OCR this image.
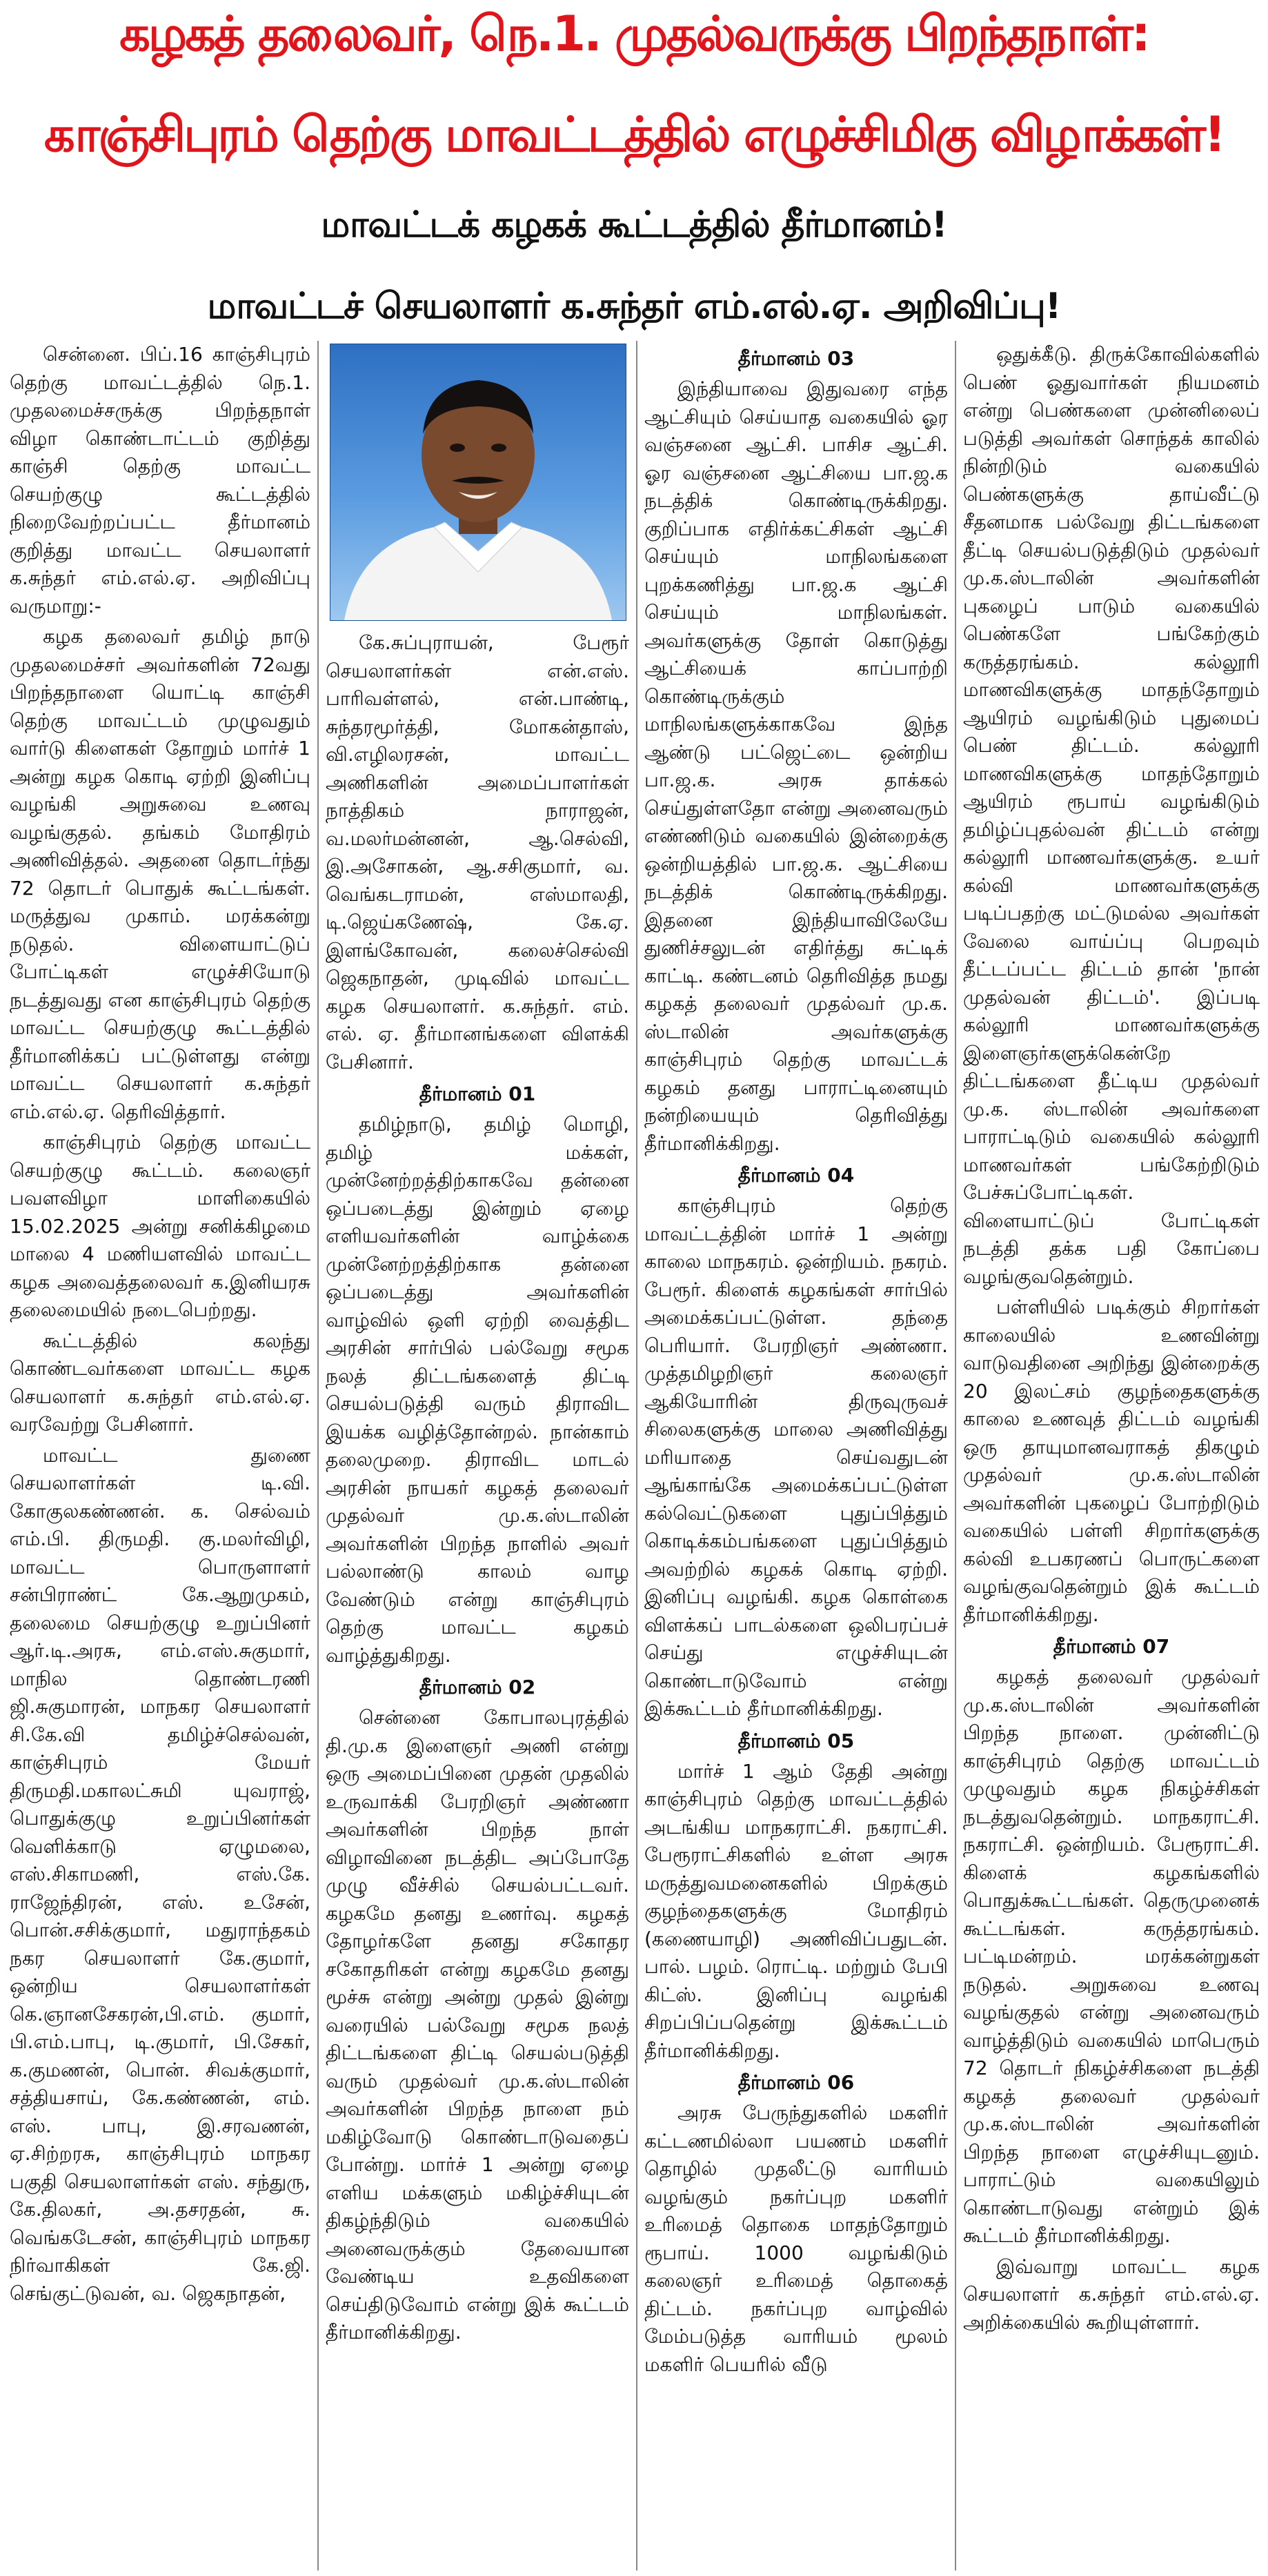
கழகத் தலைவர், நெ.1. முதல்வருக்கு பிறந்தநாள்:
காஞ்சிபுரம் தெற்கு மாவட்டத்தில் எழுச்சிமிகு விழாக்கள்!
மாவட்டக் கழகக் கூட்டத்தில் தீர்மானம்!
மாவட்டச் செயலாளர் க.சுந்தர் எம்.எல்.ஏ. அறிவிப்பு!

சென்னை. பிப்.16 காஞ்சிபுரம் தெற்கு மாவட்டத்தில் நெ.1. முதலமைச்சருக்கு பிறந்தநாள் விழா கொண்டாட்டம் குறித்து காஞ்சி தெற்கு மாவட்ட செயற்குழு கூட்டத்தில் நிறைவேற்றப்பட்ட தீர்மானம் குறித்து மாவட்ட செயலாளர் க.சுந்தர் எம்.எல்.ஏ. அறிவிப்பு வருமாறு:-

கழக தலைவர் தமிழ் நாடு முதலமைச்சர் அவர்களின் 72வது பிறந்தநாளை யொட்டி காஞ்சி தெற்கு மாவட்டம் முழுவதும் வார்டு கிளைகள் தோறும் மார்ச் 1 அன்று கழக கொடி ஏற்றி இனிப்பு வழங்கி அறுசுவை உணவு வழங்குதல். தங்கம் மோதிரம் அணிவித்தல். அதனை தொடர்ந்து 72 தொடர் பொதுக் கூட்டங்கள். மருத்துவ முகாம். மரக்கன்று நடுதல். விளையாட்டுப் போட்டிகள் எழுச்சியோடு நடத்துவது என காஞ்சிபுரம் தெற்கு மாவட்ட செயற்குழு கூட்டத்தில் தீர்மானிக்கப் பட்டுள்ளது என்று மாவட்ட செயலாளர் க.சுந்தர் எம்.எல்.ஏ. தெரிவித்தார்.

காஞ்சிபுரம் தெற்கு மாவட்ட செயற்குழு கூட்டம். கலைஞர் பவளவிழா மாளிகையில் 15.02.2025 அன்று சனிக்கிழமை மாலை 4 மணியளவில் மாவட்ட கழக அவைத்தலைவர் க.இனியரசு தலைமையில் நடைபெற்றது.

கூட்டத்தில் கலந்து கொண்டவர்களை மாவட்ட கழக செயலாளர் க.சுந்தர் எம்.எல்.ஏ. வரவேற்று பேசினார்.

மாவட்ட துணை செயலாளர்கள் டி.வி. கோகுலகண்ணன். க. செல்வம் எம்.பி. திருமதி. கு.மலர்விழி, மாவட்ட பொருளாளர் சன்பிராண்ட் கே.ஆறுமுகம், தலைமை செயற்குழு உறுப்பினர் ஆர்.டி.அரசு, எம்.எஸ்.சுகுமார், மாநில தொண்டரணி ஜி.சுகுமாரன், மாநகர செயலாளர் சி.கே.வி தமிழ்ச்செல்வன், காஞ்சிபுரம் மேயர் திருமதி.மகாலட்சுமி யுவராஜ், பொதுக்குழு உறுப்பினர்கள் வெளிக்காடு ஏழுமலை, எஸ்.சிகாமணி, எஸ்.கே. ராஜேந்திரன், எஸ். உசேன், பொன்.சசிக்குமார், மதுராந்தகம் நகர செயலாளர் கே.குமார், ஒன்றிய செயலாளர்கள் கெ.ஞானசேகரன்,பி.எம். குமார், பி.எம்.பாபு, டி.குமார், பி.சேகர், க.குமணன், பொன். சிவக்குமார், சத்தியசாய், கே.கண்ணன், எம். எஸ். பாபு, இ.சரவணன், ஏ.சிற்றரசு, காஞ்சிபுரம் மாநகர பகுதி செயலாளர்கள் எஸ். சந்துரு, கே.திலகர், அ.தசரதன், சு. வெங்கடேசன், காஞ்சிபுரம் மாநகர நிர்வாகிகள் கே.ஜி. செங்குட்டுவன், வ. ஜெகநாதன்,

கே.சுப்புராயன், பேரூர் செயலாளர்கள் என்.எஸ். பாரிவள்ளல், என்.பாண்டி, சுந்தரமூர்த்தி, மோகன்தாஸ், வி.எழிலரசன், மாவட்ட அணிகளின் அமைப்பாளர்கள் நாத்திகம் நாராஜன், வ.மலர்மன்னன், ஆ.செல்வி, இ.அசோகன், ஆ.சசிகுமார், வ. வெங்கடராமன், எஸ்மாலதி, டி.ஜெய்கணேஷ், கே.ஏ. இளங்கோவன், கலைச்செல்வி ஜெகநாதன், முடிவில் மாவட்ட கழக செயலாளர். க.சுந்தர். எம். எல். ஏ. தீர்மானங்களை விளக்கி பேசினார்.

தீர்மானம் 01

தமிழ்நாடு, தமிழ் மொழி, தமிழ் மக்கள், முன்னேற்றத்திற்காகவே தன்னை ஒப்படைத்து இன்றும் ஏழை எளியவர்களின் வாழ்க்கை முன்னேற்றத்திற்காக தன்னை ஒப்படைத்து அவர்களின் வாழ்வில் ஒளி ஏற்றி வைத்திட அரசின் சார்பில் பல்வேறு சமூக நலத் திட்டங்களைத் திட்டி செயல்படுத்தி வரும் திராவிட இயக்க வழித்தோன்றல். நான்காம் தலைமுறை. திராவிட மாடல் அரசின் நாயகர் கழகத் தலைவர் முதல்வர் மு.க.ஸ்டாலின் அவர்களின் பிறந்த நாளில் அவர் பல்லாண்டு காலம் வாழ வேண்டும் என்று காஞ்சிபுரம் தெற்கு மாவட்ட கழகம் வாழ்த்துகிறது.

தீர்மானம் 02

சென்னை கோபாலபுரத்தில் தி.மு.க இளைஞர் அணி என்று ஒரு அமைப்பினை முதன் முதலில் உருவாக்கி பேரறிஞர் அண்ணா அவர்களின் பிறந்த நாள் விழாவினை நடத்திட அப்போதே முழு வீச்சில் செயல்பட்டவர். கழகமே தனது உணர்வு. கழகத் தோழர்களே தனது சகோதர சகோதரிகள் என்று கழகமே தனது மூச்சு என்று அன்று முதல் இன்று வரையில் பல்வேறு சமூக நலத் திட்டங்களை திட்டி செயல்படுத்தி வரும் முதல்வர் மு.க.ஸ்டாலின் அவர்களின் பிறந்த நாளை நம் மகிழ்வோடு கொண்டாடுவதைப் போன்று. மார்ச் 1 அன்று ஏழை எளிய மக்களும் மகிழ்ச்சியுடன் திகழ்ந்திடும் வகையில் அனைவருக்கும் தேவையான வேண்டிய உதவிகளை செய்திடுவோம் என்று இக் கூட்டம் தீர்மானிக்கிறது.

தீர்மானம் 03

இந்தியாவை இதுவரை எந்த ஆட்சியும் செய்யாத வகையில் ஓர வஞ்சனை ஆட்சி. பாசிச ஆட்சி. ஓர வஞ்சனை ஆட்சியை பா.ஜ.க நடத்திக் கொண்டிருக்கிறது. குறிப்பாக எதிர்க்கட்சிகள் ஆட்சி செய்யும் மாநிலங்களை புறக்கணித்து பா.ஜ.க ஆட்சி செய்யும் மாநிலங்கள். அவர்களுக்கு தோள் கொடுத்து ஆட்சியைக் காப்பாற்றி கொண்டிருக்கும் மாநிலங்களுக்காகவே இந்த ஆண்டு பட்ஜெட்டை ஒன்றிய பா.ஜ.க. அரசு தாக்கல் செய்துள்ளதோ என்று அனைவரும் எண்ணிடும் வகையில் இன்றைக்கு ஒன்றியத்தில் பா.ஜ.க. ஆட்சியை நடத்திக் கொண்டிருக்கிறது. இதனை இந்தியாவிலேயே துணிச்சலுடன் எதிர்த்து சுட்டிக் காட்டி. கண்டனம் தெரிவித்த நமது கழகத் தலைவர் முதல்வர் மு.க. ஸ்டாலின் அவர்களுக்கு காஞ்சிபுரம் தெற்கு மாவட்டக் கழகம் தனது பாராட்டினையும் நன்றியையும் தெரிவித்து தீர்மானிக்கிறது.

தீர்மானம் 04

காஞ்சிபுரம் தெற்கு மாவட்டத்தின் மார்ச் 1 அன்று காலை மாநகரம். ஒன்றியம். நகரம். பேரூர். கிளைக் கழகங்கள் சார்பில் அமைக்கப்பட்டுள்ள. தந்தை பெரியார். பேரறிஞர் அண்ணா. முத்தமிழறிஞர் கலைஞர் ஆகியோரின் திருவுருவச் சிலைகளுக்கு மாலை அணிவித்து மரியாதை செய்வதுடன் ஆங்காங்கே அமைக்கப்பட்டுள்ள கல்வெட்டுகளை புதுப்பித்தும் கொடிக்கம்பங்களை புதுப்பித்தும் அவற்றில் கழகக் கொடி ஏற்றி. இனிப்பு வழங்கி. கழக கொள்கை விளக்கப் பாடல்களை ஒலிபரப்பச் செய்து எழுச்சியுடன் கொண்டாடுவோம் என்று இக்கூட்டம் தீர்மானிக்கிறது.

தீர்மானம் 05

மார்ச் 1 ஆம் தேதி அன்று காஞ்சிபுரம் தெற்கு மாவட்டத்தில் அடங்கிய மாநகராட்சி. நகராட்சி. பேரூராட்சிகளில் உள்ள அரசு மருத்துவமனைகளில் பிறக்கும் குழந்தைகளுக்கு மோதிரம் (கணையாழி) அணிவிப்பதுடன். பால். பழம். ரொட்டி. மற்றும் பேபி கிட்ஸ். இனிப்பு வழங்கி சிறப்பிப்பதென்று இக்கூட்டம் தீர்மானிக்கிறது.

தீர்மானம் 06

அரசு பேருந்துகளில் மகளிர் கட்டணமில்லா பயணம் மகளிர் தொழில் முதலீட்டு வாரியம் வழங்கும் நகர்ப்புற மகளிர் உரிமைத் தொகை மாதந்தோறும் ரூபாய். 1000 வழங்கிடும் கலைஞர் உரிமைத் தொகைத் திட்டம். நகர்ப்புற வாழ்வில் மேம்படுத்த வாரியம் மூலம் மகளிர் பெயரில் வீடு

ஒதுக்கீடு. திருக்கோவில்களில் பெண் ஓதுவார்கள் நியமனம் என்று பெண்களை முன்னிலைப் படுத்தி அவர்கள் சொந்தக் காலில் நின்றிடும் வகையில் பெண்களுக்கு தாய்வீட்டு சீதனமாக பல்வேறு திட்டங்களை தீட்டி செயல்படுத்திடும் முதல்வர் மு.க.ஸ்டாலின் அவர்களின் புகழைப் பாடும் வகையில் பெண்களே பங்கேற்கும் கருத்தரங்கம். கல்லூரி மாணவிகளுக்கு மாதந்தோறும் ஆயிரம் வழங்கிடும் புதுமைப் பெண் திட்டம். கல்லூரி மாணவிகளுக்கு மாதந்தோறும் ஆயிரம் ரூபாய் வழங்கிடும் தமிழ்ப்புதல்வன் திட்டம் என்று கல்லூரி மாணவர்களுக்கு. உயர் கல்வி மாணவர்களுக்கு படிப்பதற்கு மட்டுமல்ல அவர்கள் வேலை வாய்ப்பு பெறவும் தீட்டப்பட்ட திட்டம் தான் 'நான் முதல்வன் திட்டம்'. இப்படி கல்லூரி மாணவர்களுக்கு இளைஞர்களுக்கென்றே திட்டங்களை தீட்டிய முதல்வர் மு.க. ஸ்டாலின் அவர்களை பாராட்டிடும் வகையில் கல்லூரி மாணவர்கள் பங்கேற்றிடும் பேச்சுப்போட்டிகள். விளையாட்டுப் போட்டிகள் நடத்தி தக்க பதி கோப்பை வழங்குவதென்றும்.

பள்ளியில் படிக்கும் சிறார்கள் காலையில் உணவின்று வாடுவதினை அறிந்து இன்றைக்கு 20 இலட்சம் குழந்தைகளுக்கு காலை உணவுத் திட்டம் வழங்கி ஒரு தாயுமானவராகத் திகழும் முதல்வர் மு.க.ஸ்டாலின் அவர்களின் புகழைப் போற்றிடும் வகையில் பள்ளி சிறார்களுக்கு கல்வி உபகரணப் பொருட்களை வழங்குவதென்றும் இக் கூட்டம் தீர்மானிக்கிறது.

தீர்மானம் 07

கழகத் தலைவர் முதல்வர் மு.க.ஸ்டாலின் அவர்களின் பிறந்த நாளை. முன்னிட்டு காஞ்சிபுரம் தெற்கு மாவட்டம் முழுவதும் கழக நிகழ்ச்சிகள் நடத்துவதென்றும். மாநகராட்சி. நகராட்சி. ஒன்றியம். பேரூராட்சி. கிளைக் கழகங்களில் பொதுக்கூட்டங்கள். தெருமுனைக் கூட்டங்கள். கருத்தரங்கம். பட்டிமன்றம். மரக்கன்றுகள் நடுதல். அறுசுவை உணவு வழங்குதல் என்று அனைவரும் வாழ்த்திடும் வகையில் மாபெரும் 72 தொடர் நிகழ்ச்சிகளை நடத்தி கழகத் தலைவர் முதல்வர் மு.க.ஸ்டாலின் அவர்களின் பிறந்த நாளை எழுச்சியுடனும். பாராட்டும் வகையிலும் கொண்டாடுவது என்றும் இக் கூட்டம் தீர்மானிக்கிறது.

இவ்வாறு மாவட்ட கழக செயலாளர் க.சுந்தர் எம்.எல்.ஏ. அறிக்கையில் கூறியுள்ளார்.
